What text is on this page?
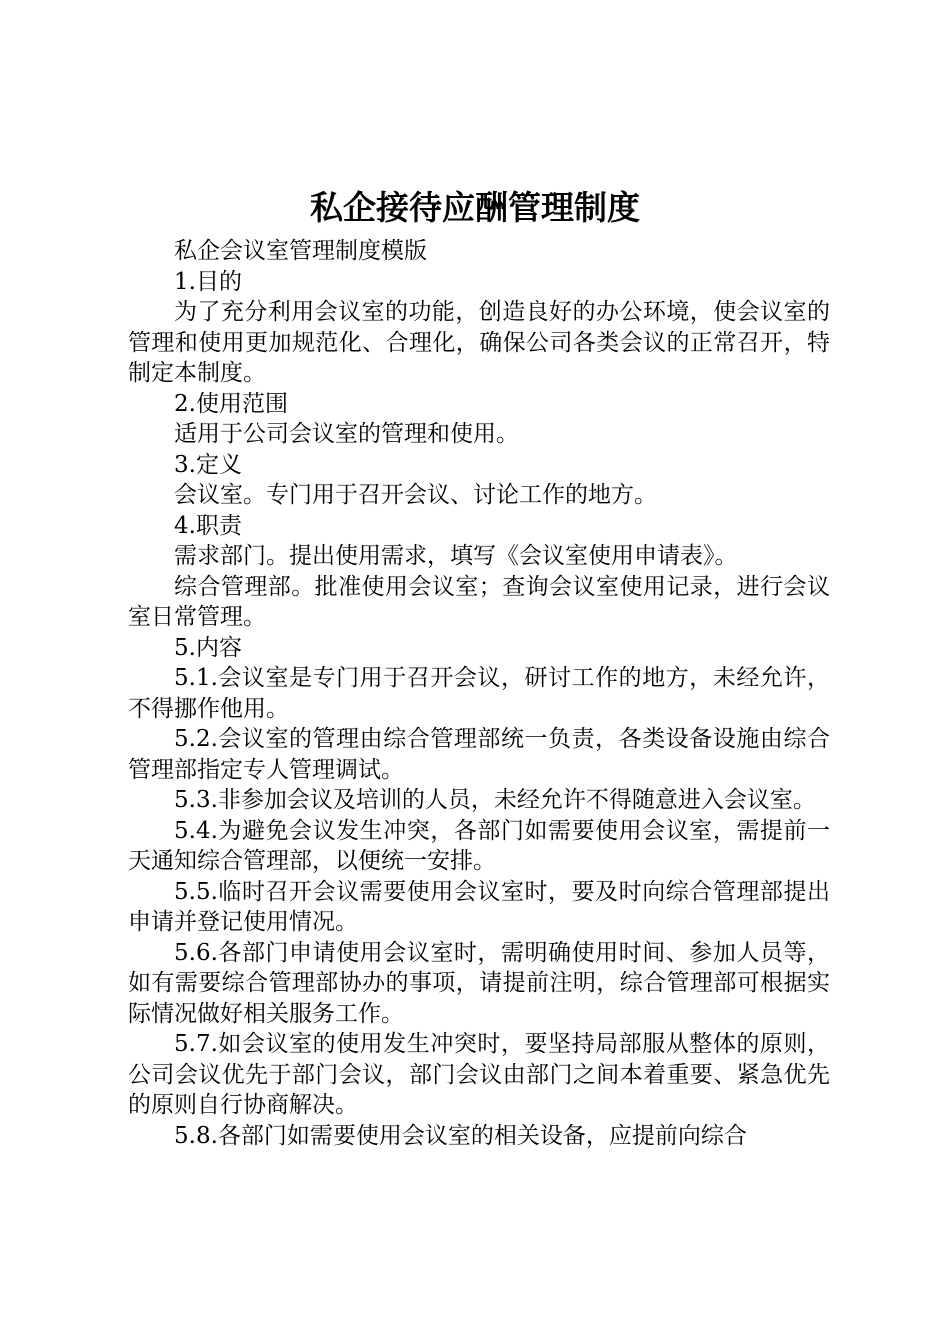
私企接待应酬管理制度

私企会议室管理制度模版

1.目的

为了充分利用会议室的功能，创造良好的办公环境，使会议室的管理和使用更加规范化、合理化，确保公司各类会议的正常召开，特制定本制度。

2.使用范围

适用于公司会议室的管理和使用。

3.定义

会议室。专门用于召开会议、讨论工作的地方。

4.职责

需求部门。提出使用需求，填写《会议室使用申请表》。

综合管理部。批准使用会议室；查询会议室使用记录，进行会议室日常管理。

5.内容

5.1.会议室是专门用于召开会议，研讨工作的地方，未经允许，不得挪作他用。

5.2.会议室的管理由综合管理部统一负责，各类设备设施由综合管理部指定专人管理调试。

5.3.非参加会议及培训的人员，未经允许不得随意进入会议室。

5.4.为避免会议发生冲突，各部门如需要使用会议室，需提前一天通知综合管理部，以便统一安排。

5.5.临时召开会议需要使用会议室时，要及时向综合管理部提出申请并登记使用情况。

5.6.各部门申请使用会议室时，需明确使用时间、参加人员等，如有需要综合管理部协办的事项，请提前注明，综合管理部可根据实际情况做好相关服务工作。

5.7.如会议室的使用发生冲突时，要坚持局部服从整体的原则，公司会议优先于部门会议，部门会议由部门之间本着重要、紧急优先的原则自行协商解决。

5.8.各部门如需要使用会议室的相关设备，应提前向综合
